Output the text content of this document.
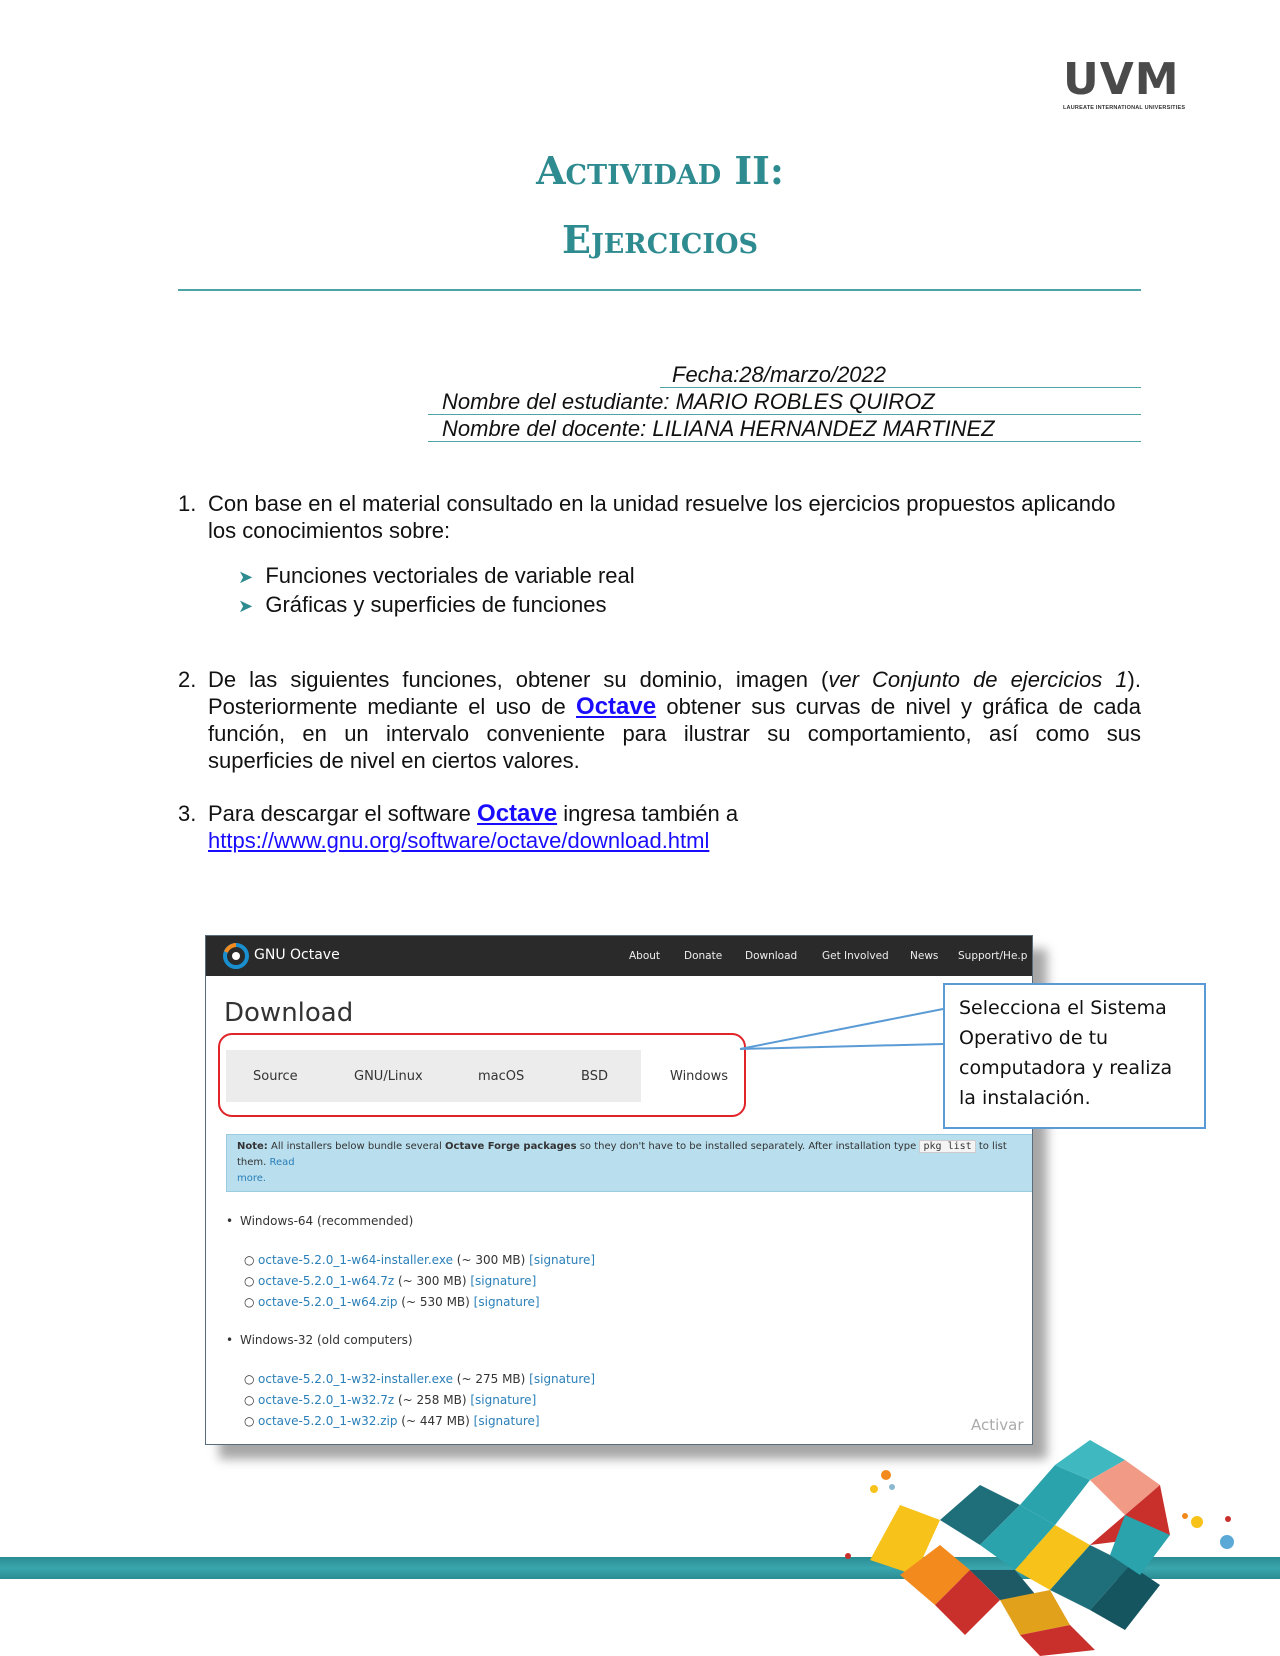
UVM
LAUREATE INTERNATIONAL UNIVERSITIES
Actividad II:
Ejercicios
Fecha:28/marzo/2022
Nombre del estudiante: MARIO ROBLES QUIROZ
Nombre del docente: LILIANA HERNANDEZ MARTINEZ
1. Con base en el material consultado en la unidad resuelve los ejercicios propuestos aplicando
los conocimientos sobre:
➤ Funciones vectoriales de variable real
➤ Gráficas y superficies de funciones
2. De las siguientes funciones, obtener su dominio, imagen (ver Conjunto de ejercicios 1).
Posteriormente mediante el uso de Octave obtener sus curvas de nivel y gráfica de cada
función, en un intervalo conveniente para ilustrar su comportamiento, así como sus
superficies de nivel en ciertos valores.
3. Para descargar el software Octave ingresa también a
https://www.gnu.org/software/octave/download.html
GNU Octave	About Donate Download Get Involved News Support/He.p
Download
Source	GNU/Linux	macOS	BSD	Windows
Note: All installers below bundle several Octave Forge packages so they don't have to be installed separately. After installation type pkg list to list them. Read
more.
• Windows-64 (recommended)
○ octave-5.2.0_1-w64-installer.exe (~ 300 MB) [signature]
○ octave-5.2.0_1-w64.7z (~ 300 MB) [signature]
○ octave-5.2.0_1-w64.zip (~ 530 MB) [signature]
• Windows-32 (old computers)
○ octave-5.2.0_1-w32-installer.exe (~ 275 MB) [signature]
○ octave-5.2.0_1-w32.7z (~ 258 MB) [signature]
○ octave-5.2.0_1-w32.zip (~ 447 MB) [signature]	Activar
Selecciona el Sistema Operativo de tu computadora y realiza la instalación.
